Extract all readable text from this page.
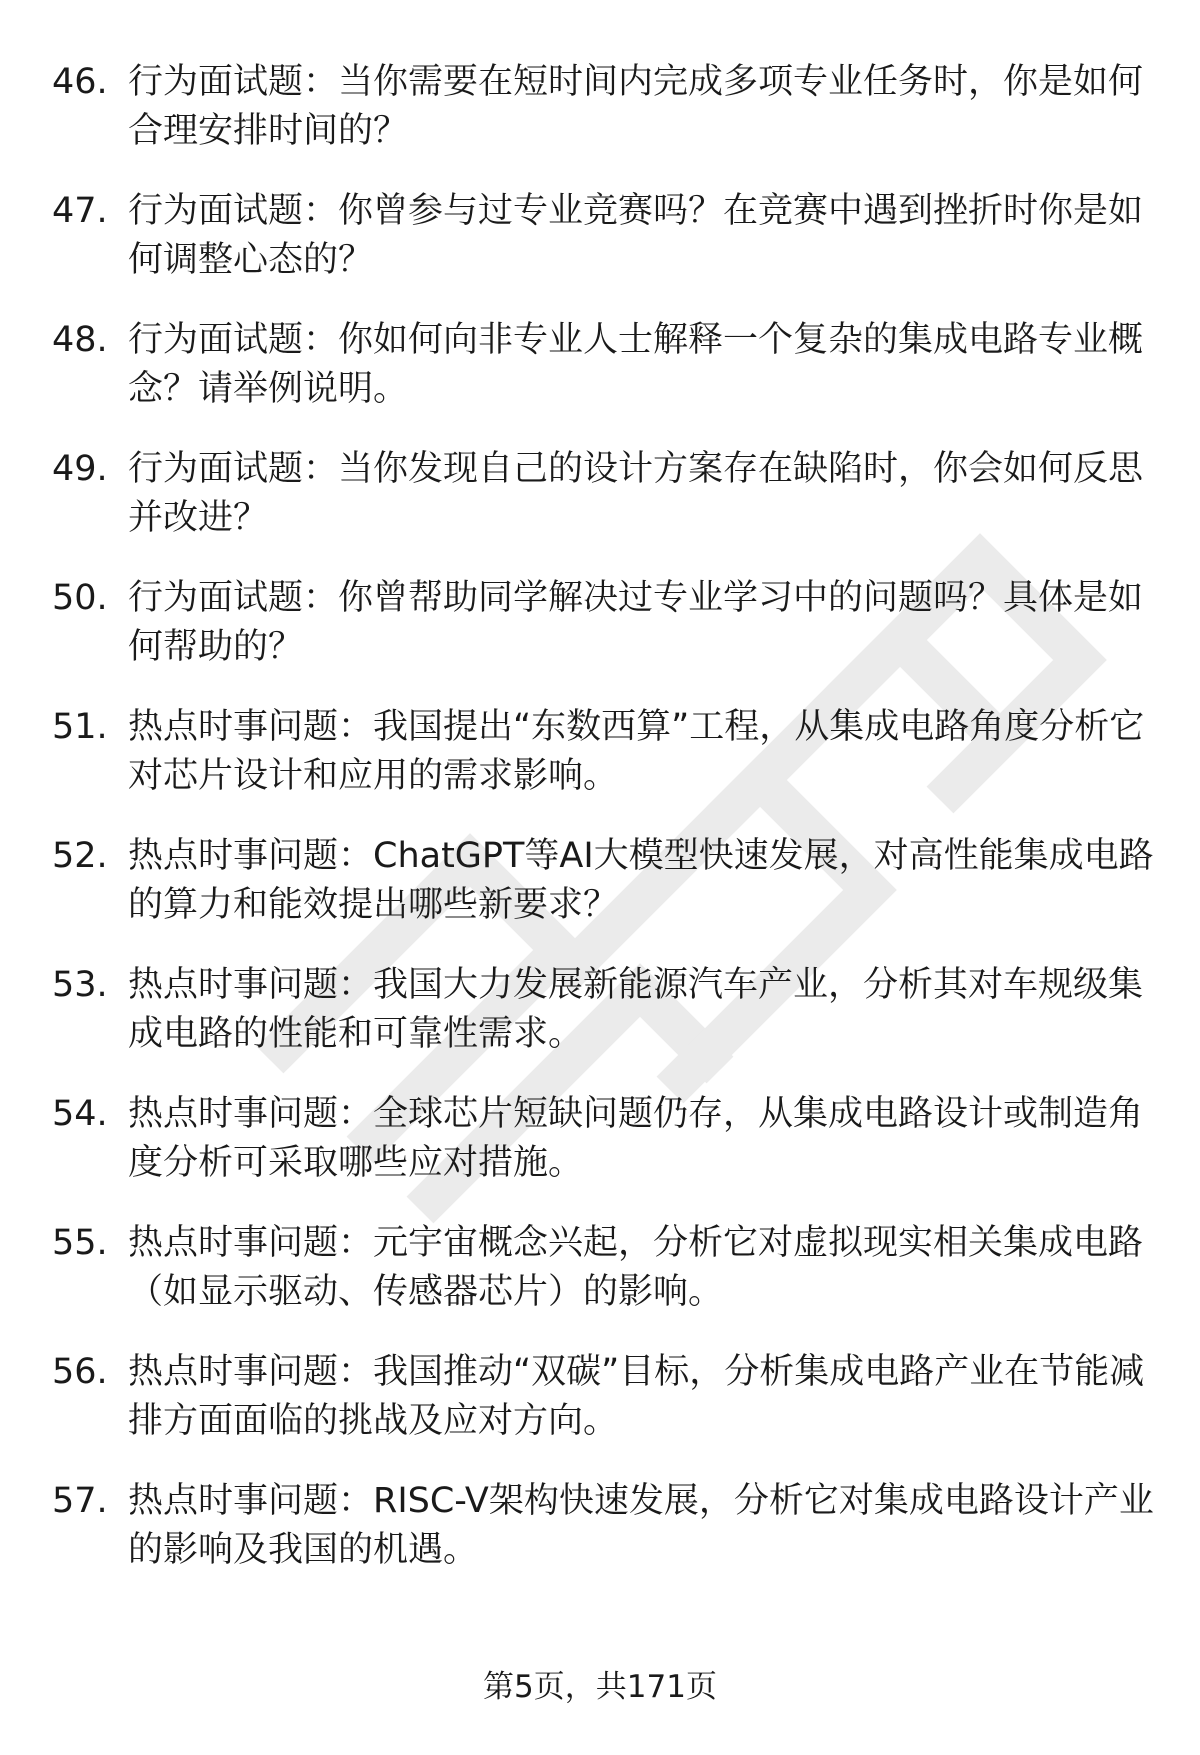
46. 行为面试题：当你需要在短时间内完成多项专业任务时，你是如何合理安排时间的？
47. 行为面试题：你曾参与过专业竞赛吗？在竞赛中遇到挫折时你是如何调整心态的？
48. 行为面试题：你如何向非专业人士解释一个复杂的集成电路专业概念？请举例说明。
49. 行为面试题：当你发现自己的设计方案存在缺陷时，你会如何反思并改进？
50. 行为面试题：你曾帮助同学解决过专业学习中的问题吗？具体是如何帮助的？
51. 热点时事问题：我国提出“东数西算”工程，从集成电路角度分析它对芯片设计和应用的需求影响。
52. 热点时事问题：ChatGPT等AI大模型快速发展，对高性能集成电路的算力和能效提出哪些新要求？
53. 热点时事问题：我国大力发展新能源汽车产业，分析其对车规级集成电路的性能和可靠性需求。
54. 热点时事问题：全球芯片短缺问题仍存，从集成电路设计或制造角度分析可采取哪些应对措施。
55. 热点时事问题：元宇宙概念兴起，分析它对虚拟现实相关集成电路（如显示驱动、传感器芯片）的影响。
56. 热点时事问题：我国推动“双碳”目标，分析集成电路产业在节能减排方面面临的挑战及应对方向。
57. 热点时事问题：RISC-V架构快速发展，分析它对集成电路设计产业的影响及我国的机遇。
第5页，共171页
